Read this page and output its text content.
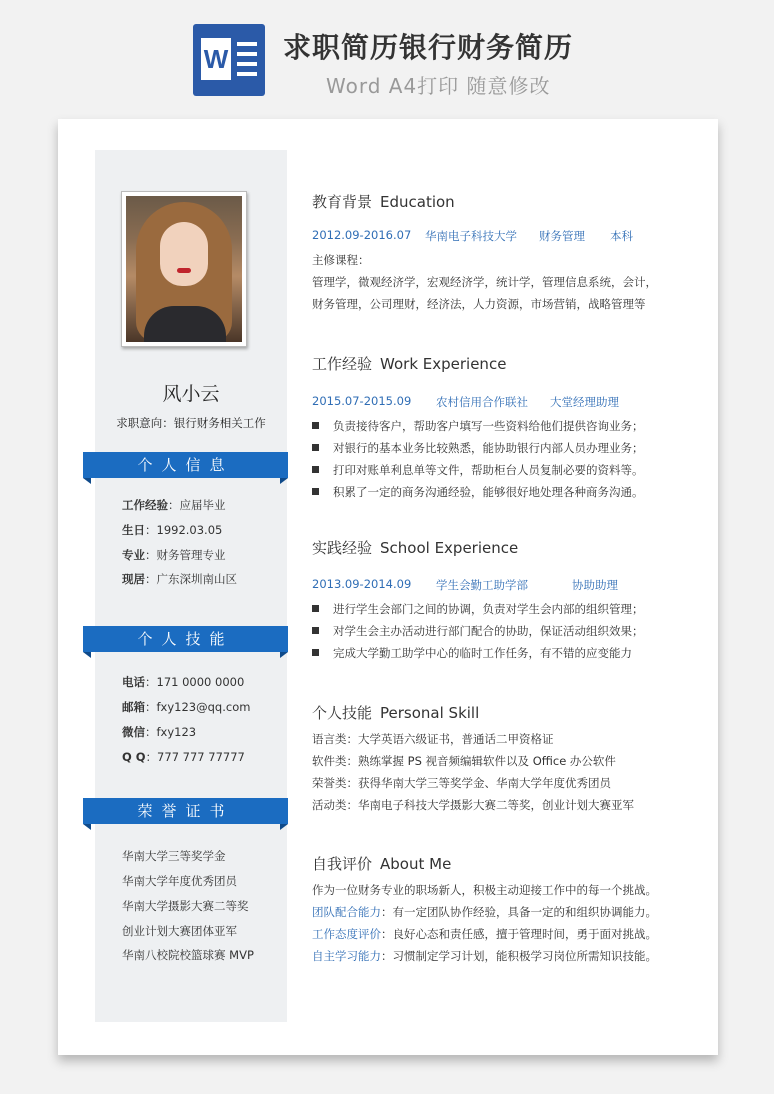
W 求职简历银行财务简历
Word A4打印 随意修改
风小云
求职意向：银行财务相关工作
个人信息
工作经验：应届毕业
生日：1992.03.05
专业：财务管理专业
现居：广东深圳南山区
个人技能
电话：171 0000 0000
邮箱：fxy123@qq.com
微信：fxy123
Q Q：777 777 77777
荣誉证书
华南大学三等奖学金
华南大学年度优秀团员
华南大学摄影大赛二等奖
创业计划大赛团体亚军
华南八校院校篮球赛 MVP
教育背景 Education
2012.09-2016.07 华南电子科技大学 财务管理 本科
主修课程：
管理学，微观经济学，宏观经济学，统计学，管理信息系统，会计，
财务管理，公司理财，经济法，人力资源，市场营销，战略管理等
工作经验 Work Experience
2015.07-2015.09 农村信用合作联社 大堂经理助理
负责接待客户，帮助客户填写一些资料给他们提供咨询业务；
对银行的基本业务比较熟悉，能协助银行内部人员办理业务；
打印对账单利息单等文件，帮助柜台人员复制必要的资料等。
积累了一定的商务沟通经验，能够很好地处理各种商务沟通。
实践经验 School Experience
2013.09-2014.09 学生会勤工助学部	协助助理
进行学生会部门之间的协调，负责对学生会内部的组织管理；
对学生会主办活动进行部门配合的协助，保证活动组织效果；
完成大学勤工助学中心的临时工作任务，有不错的应变能力
个人技能 Personal Skill
语言类：大学英语六级证书，普通话二甲资格证
软件类：熟练掌握 PS 视音频编辑软件以及 Office 办公软件
荣誉类：获得华南大学三等奖学金、华南大学年度优秀团员
活动类：华南电子科技大学摄影大赛二等奖，创业计划大赛亚军
自我评价 About Me
作为一位财务专业的职场新人，积极主动迎接工作中的每一个挑战。
团队配合能力：有一定团队协作经验，具备一定的和组织协调能力。
工作态度评价：良好心态和责任感，擅于管理时间，勇于面对挑战。
自主学习能力：习惯制定学习计划，能积极学习岗位所需知识技能。
